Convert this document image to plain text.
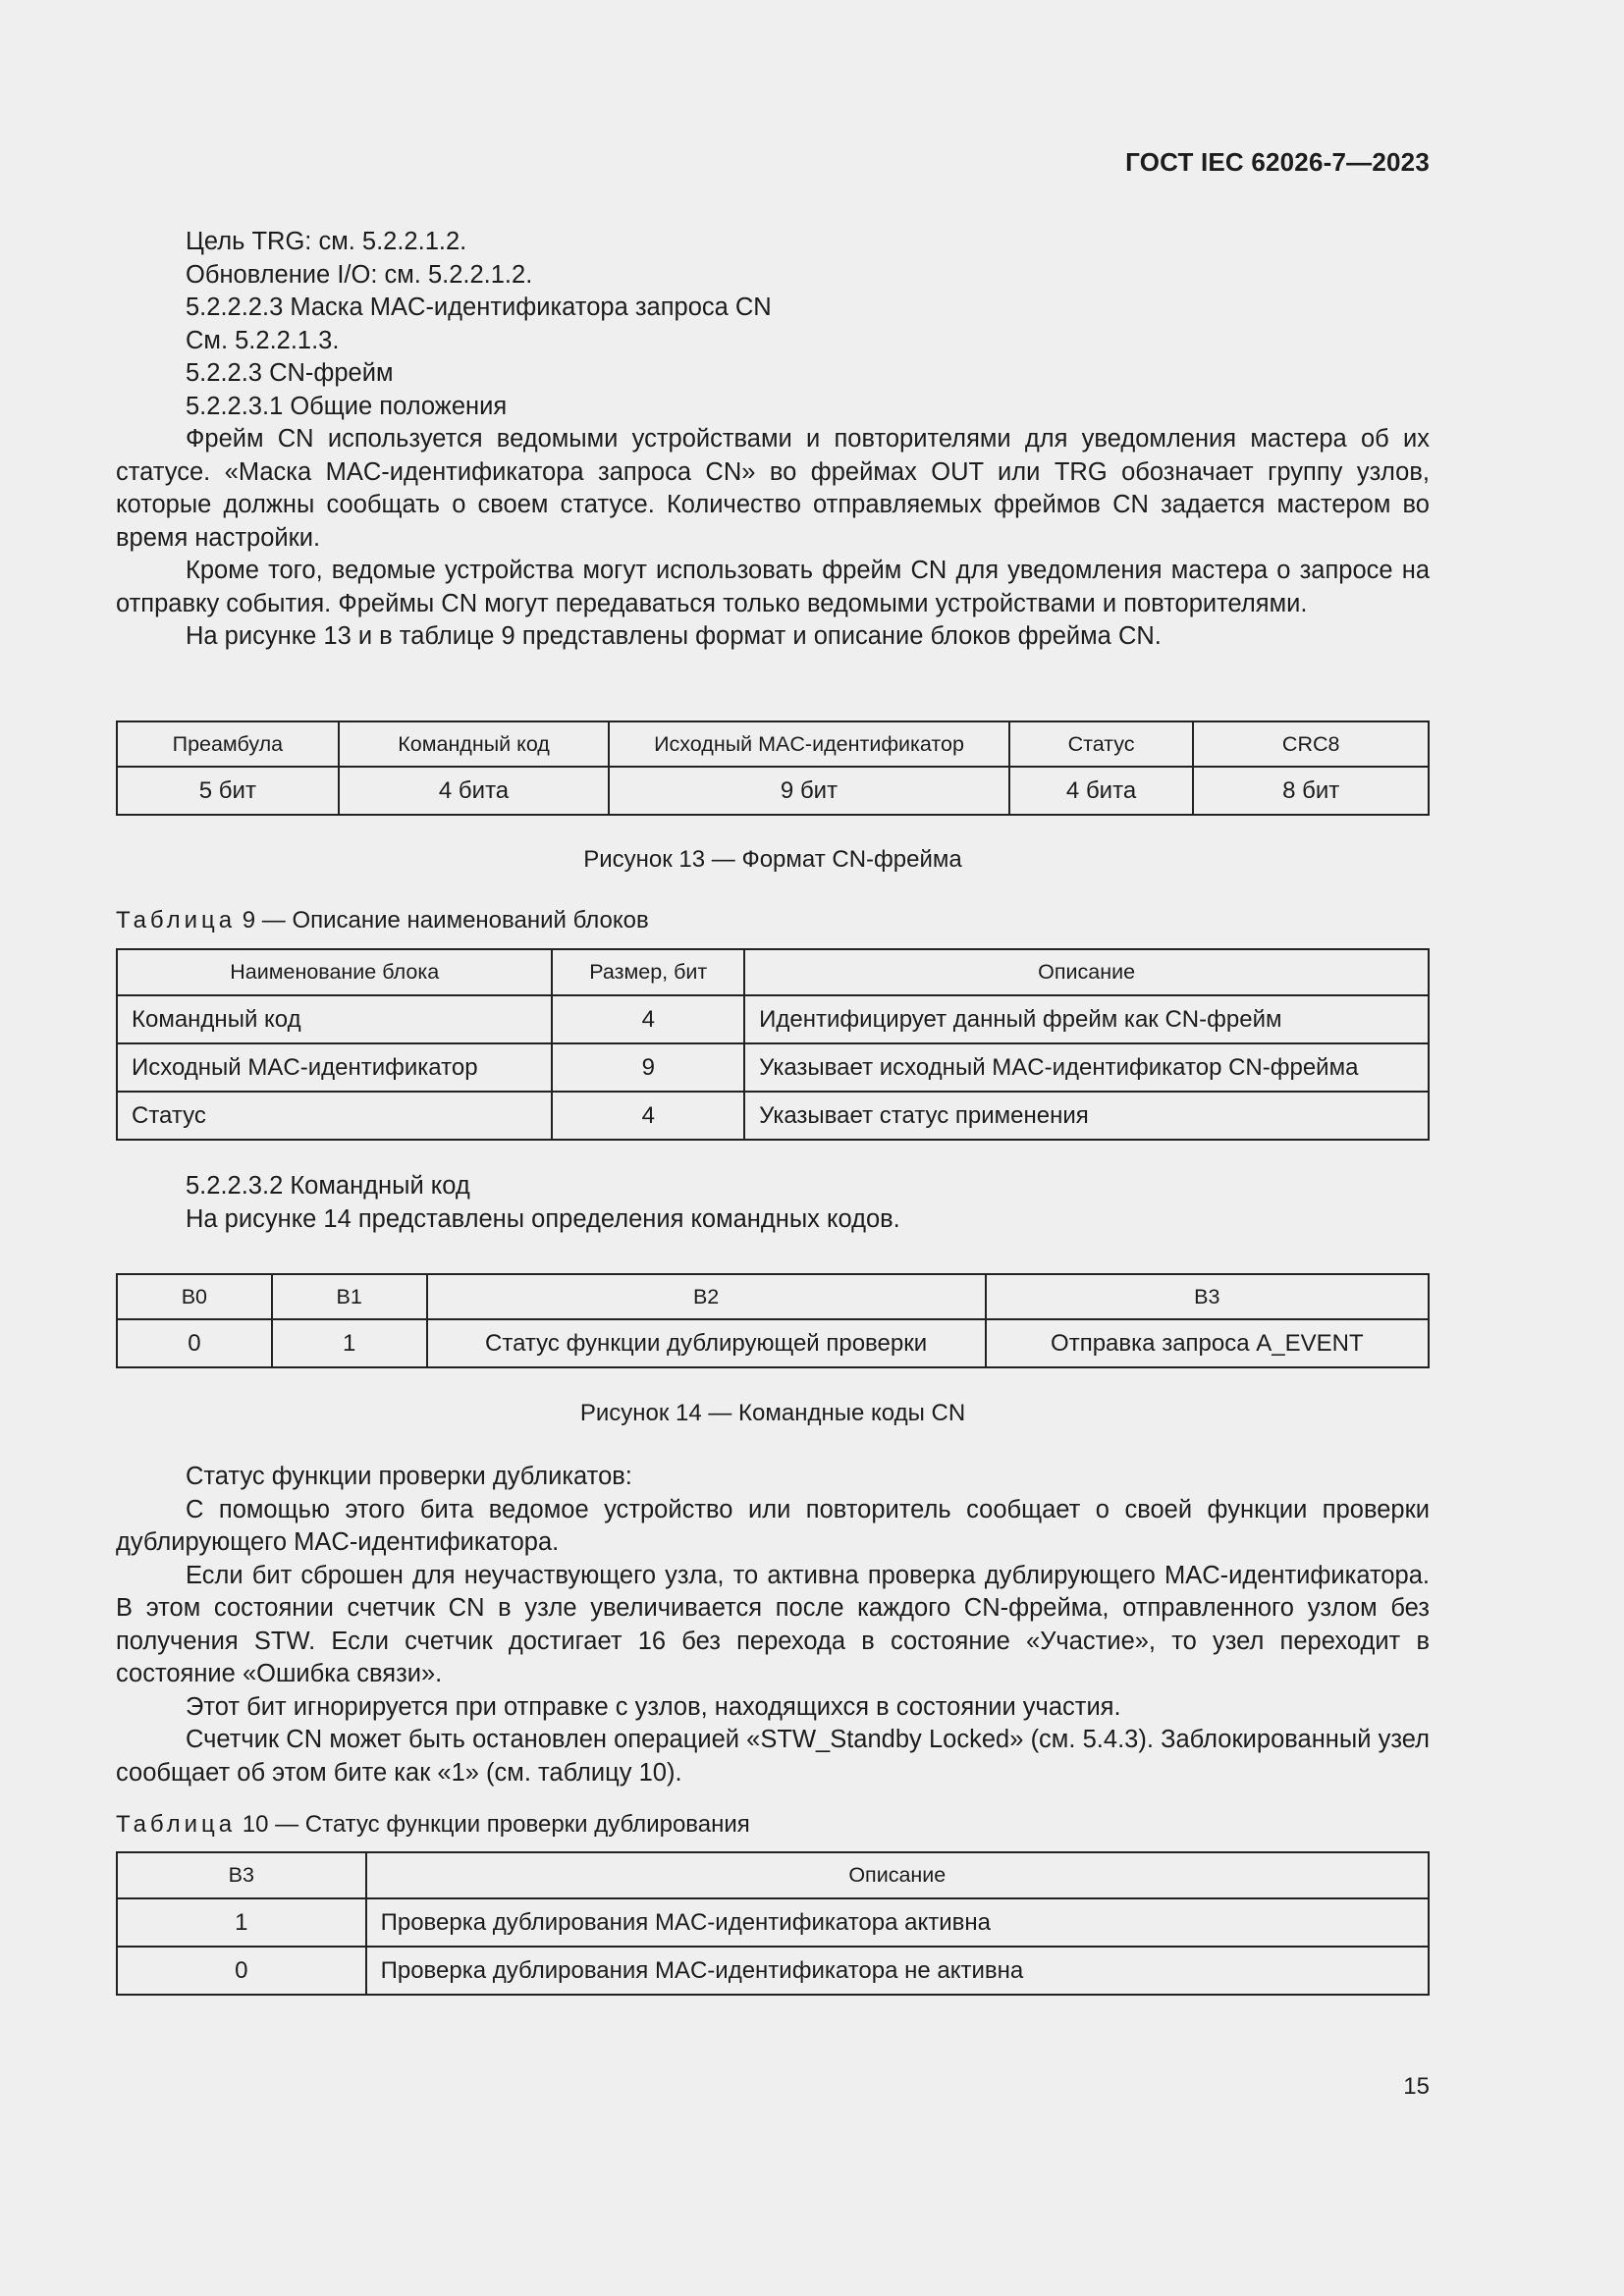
ГОСТ IEC 62026-7—2023

Цель TRG: см. 5.2.2.1.2.

Обновление I/O: см. 5.2.2.1.2.

5.2.2.2.3 Маска MAC-идентификатора запроса CN

См. 5.2.2.1.3.

5.2.2.3 CN-фрейм

5.2.2.3.1 Общие положения

Фрейм CN используется ведомыми устройствами и повторителями для уведомления мастера об их статусе. «Маска MAC-идентификатора запроса CN» во фреймах OUT или TRG обозначает группу узлов, которые должны сообщать о своем статусе. Количество отправляемых фреймов CN задается мастером во время настройки.

Кроме того, ведомые устройства могут использовать фрейм CN для уведомления мастера о запросе на отправку события. Фреймы CN могут передаваться только ведомыми устройствами и повторителями.

На рисунке 13 и в таблице 9 представлены формат и описание блоков фрейма CN.

Преамбула	Командный код	Исходный MAC-идентификатор	Статус	CRC8
5 бит	4 бита	9 бит	4 бита	8 бит
Рисунок 13 — Формат CN-фрейма
Таблица 9 — Описание наименований блоков
Наименование блока	Размер, бит	Описание
Командный код	4	Идентифицирует данный фрейм как CN-фрейм
Исходный MAC-идентификатор	9	Указывает исходный MAC-идентификатор CN-фрейма
Статус	4	Указывает статус применения

5.2.2.3.2 Командный код

На рисунке 14 представлены определения командных кодов.

B0	B1	B2	B3
0	1	Статус функции дублирующей проверки	Отправка запроса A_EVENT
Рисунок 14 — Командные коды CN

Статус функции проверки дубликатов:

С помощью этого бита ведомое устройство или повторитель сообщает о своей функции проверки дублирующего MAC-идентификатора.

Если бит сброшен для неучаствующего узла, то активна проверка дублирующего MAC-идентификатора. В этом состоянии счетчик CN в узле увеличивается после каждого CN-фрейма, отправленного узлом без получения STW. Если счетчик достигает 16 без перехода в состояние «Участие», то узел переходит в состояние «Ошибка связи».

Этот бит игнорируется при отправке с узлов, находящихся в состоянии участия.

Счетчик CN может быть остановлен операцией «STW_Standby Locked» (см. 5.4.3). Заблокированный узел сообщает об этом бите как «1» (см. таблицу 10).

Таблица 10 — Статус функции проверки дублирования
B3	Описание
1	Проверка дублирования MAC-идентификатора активна
0	Проверка дублирования MAC-идентификатора не активна
15
